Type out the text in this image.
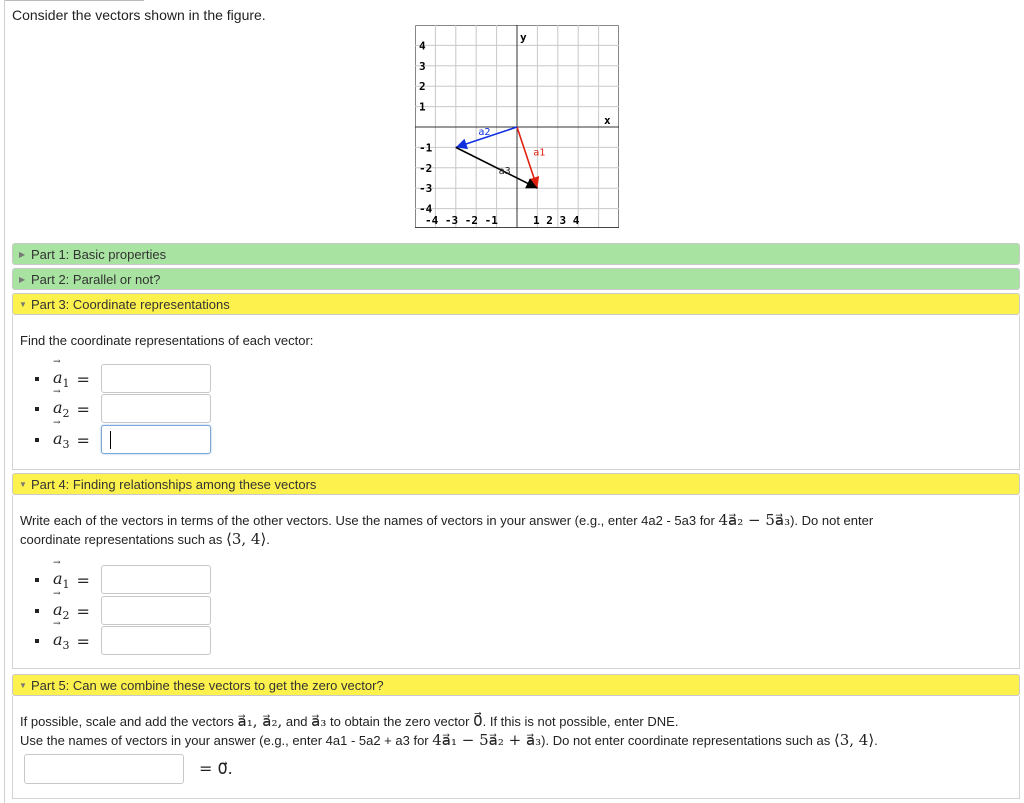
Consider the vectors shown in the figure.
a1
a2
a3
y
x
4
3
2
1
-1
-2
-3
-4
-4 -3 -2 -1	1 2 3 4
▶ Part 1: Basic properties
▶ Part 2: Parallel or not?
▼ Part 3: Coordinate representations
Find the coordinate representations of each vector:
→ $a_1$ =
→ $a_2$ =
→ $a_3$ =
▼ Part 4: Finding relationships among these vectors
Write each of the vectors in terms of the other vectors. Use the names of vectors in your answer (e.g., enter 4a2 - 5a3 for 4a⃗₂ − 5a⃗₃). Do not enter
coordinate representations such as ⟨3, 4⟩.
→ $a_1$ =
→ $a_2$ =
→ $a_3$ =
▼ Part 5: Can we combine these vectors to get the zero vector?
If possible, scale and add the vectors a⃗₁, a⃗₂, and a⃗₃ to obtain the zero vector 0⃗. If this is not possible, enter DNE.
Use the names of vectors in your answer (e.g., enter 4a1 - 5a2 + a3 for 4a⃗₁ − 5a⃗₂ + a⃗₃). Do not enter coordinate representations such as ⟨3, 4⟩.
= 0⃗.
